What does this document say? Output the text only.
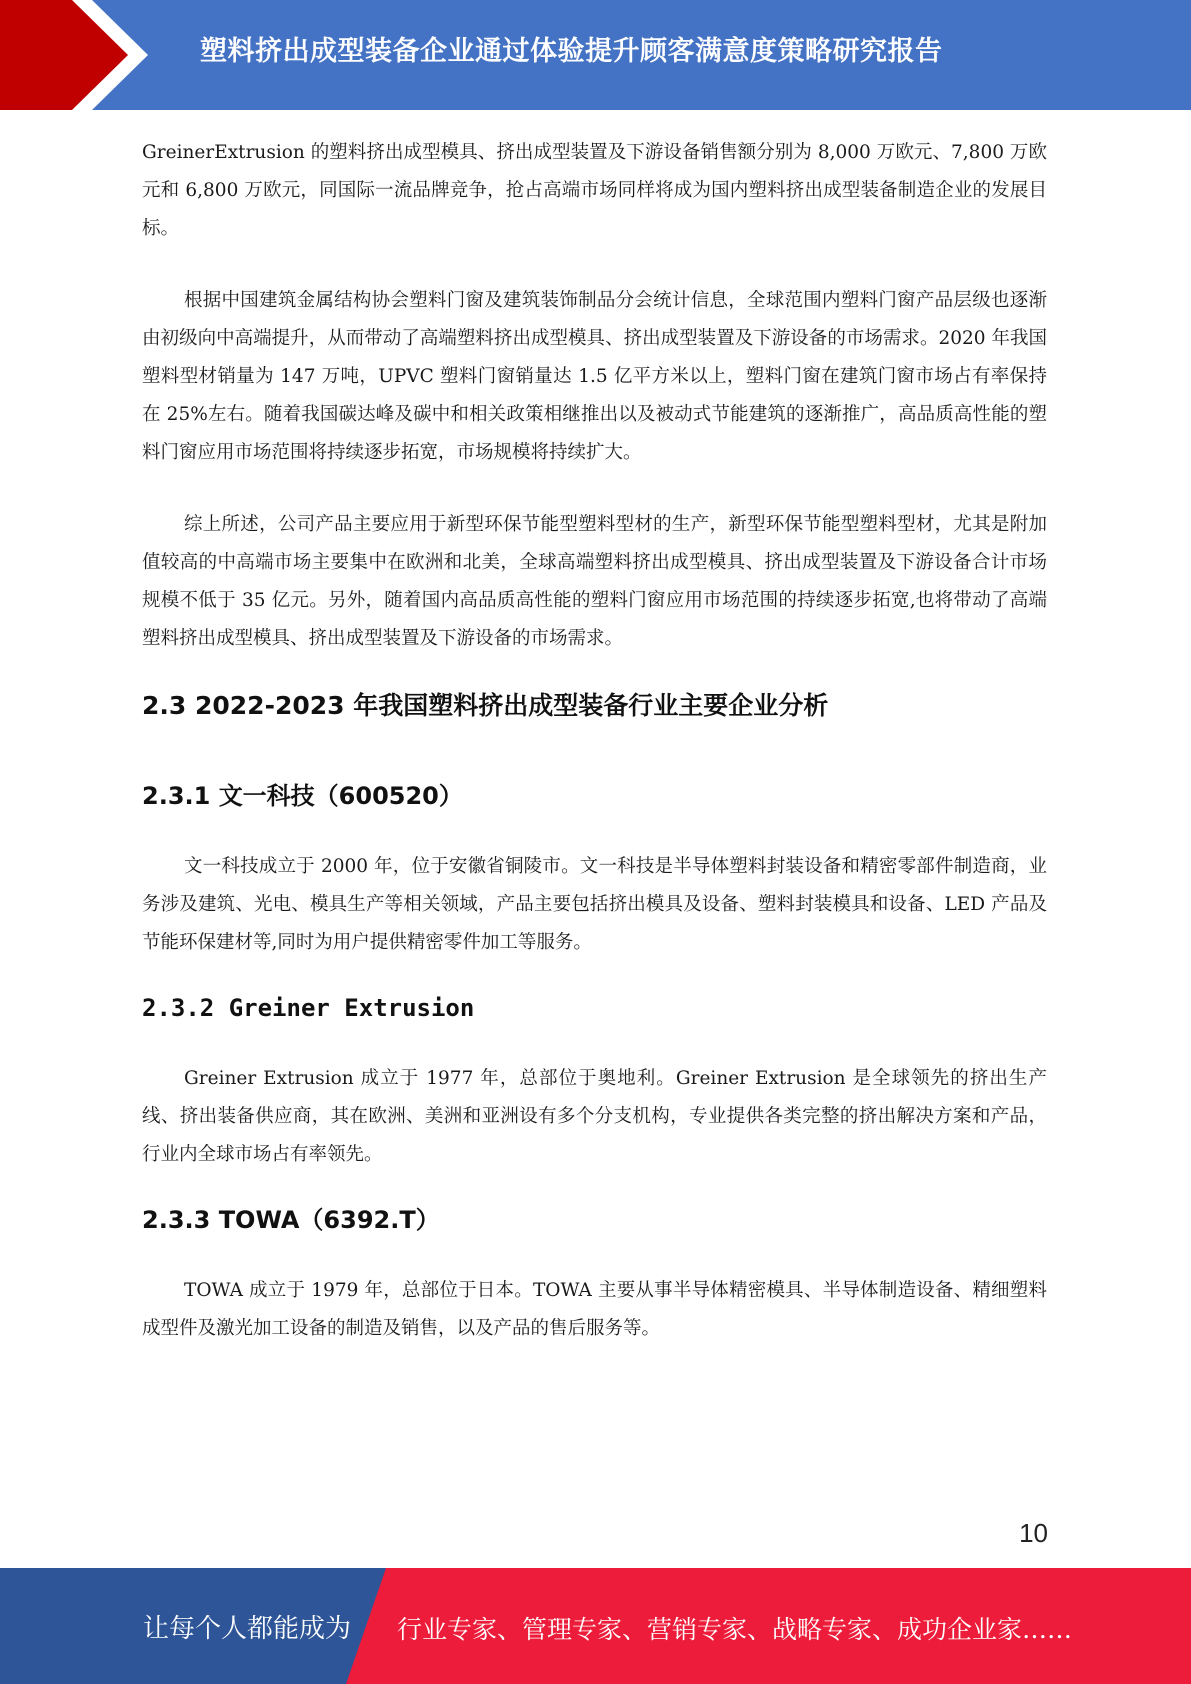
塑料挤出成型装备企业通过体验提升顾客满意度策略研究报告

GreinerExtrusion 的塑料挤出成型模具、挤出成型装置及下游设备销售额分别为 8,000 万欧元、7,800 万欧元和 6,800 万欧元，同国际一流品牌竞争，抢占高端市场同样将成为国内塑料挤出成型装备制造企业的发展目标。

根据中国建筑金属结构协会塑料门窗及建筑装饰制品分会统计信息，全球范围内塑料门窗产品层级也逐渐由初级向中高端提升，从而带动了高端塑料挤出成型模具、挤出成型装置及下游设备的市场需求。2020 年我国塑料型材销量为 147 万吨，UPVC 塑料门窗销量达 1.5 亿平方米以上，塑料门窗在建筑门窗市场占有率保持在 25%左右。随着我国碳达峰及碳中和相关政策相继推出以及被动式节能建筑的逐渐推广，高品质高性能的塑料门窗应用市场范围将持续逐步拓宽，市场规模将持续扩大。

综上所述，公司产品主要应用于新型环保节能型塑料型材的生产，新型环保节能型塑料型材，尤其是附加值较高的中高端市场主要集中在欧洲和北美，全球高端塑料挤出成型模具、挤出成型装置及下游设备合计市场规模不低于 35 亿元。另外，随着国内高品质高性能的塑料门窗应用市场范围的持续逐步拓宽,也将带动了高端塑料挤出成型模具、挤出成型装置及下游设备的市场需求。

2.3 2022-2023 年我国塑料挤出成型装备行业主要企业分析
2.3.1 文一科技（600520）

文一科技成立于 2000 年，位于安徽省铜陵市。文一科技是半导体塑料封装设备和精密零部件制造商，业务涉及建筑、光电、模具生产等相关领域，产品主要包括挤出模具及设备、塑料封装模具和设备、LED 产品及节能环保建材等,同时为用户提供精密零件加工等服务。

2.3.2 Greiner Extrusion

Greiner Extrusion 成立于 1977 年，总部位于奥地利。Greiner Extrusion 是全球领先的挤出生产线、挤出装备供应商，其在欧洲、美洲和亚洲设有多个分支机构，专业提供各类完整的挤出解决方案和产品，行业内全球市场占有率领先。

2.3.3 TOWA（6392.T）

TOWA 成立于 1979 年，总部位于日本。TOWA 主要从事半导体精密模具、半导体制造设备、精细塑料成型件及激光加工设备的制造及销售，以及产品的售后服务等。

10
让每个人都能成为 行业专家、管理专家、营销专家、战略专家、成功企业家……
